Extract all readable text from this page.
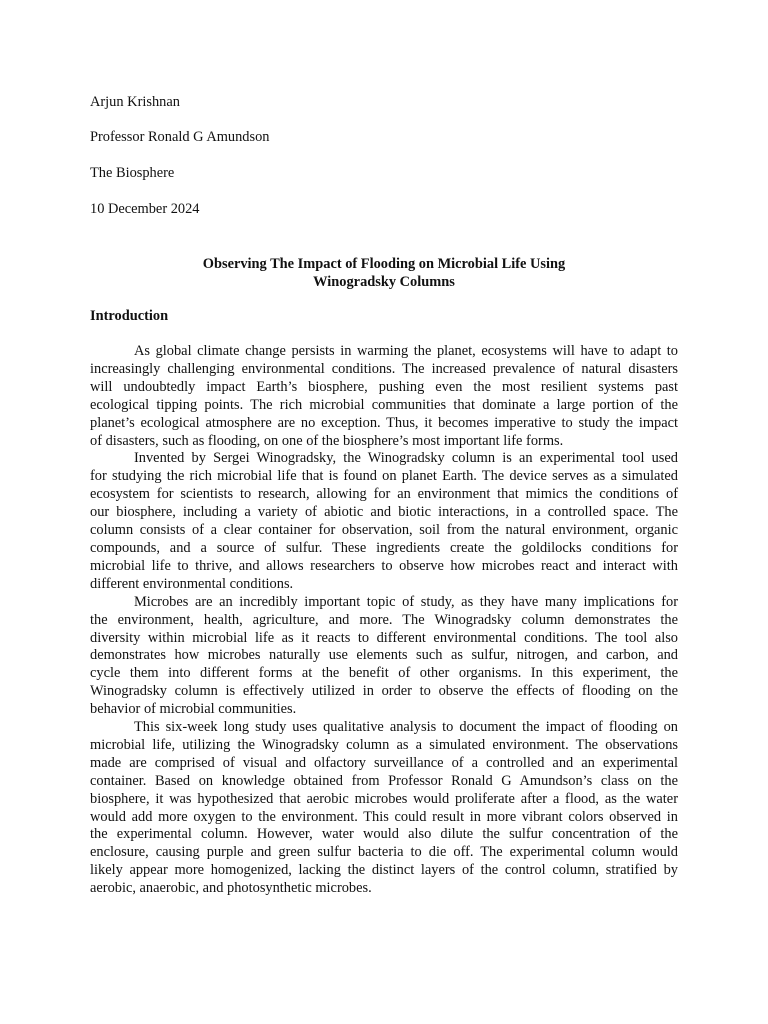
Arjun Krishnan
Professor Ronald G Amundson
The Biosphere
10 December 2024
Observing The Impact of Flooding on Microbial Life Using
Winogradsky Columns
Introduction
As global climate change persists in warming the planet, ecosystems will have to adapt to
increasingly challenging environmental conditions. The increased prevalence of natural disasters
will undoubtedly impact Earth’s biosphere, pushing even the most resilient systems past
ecological tipping points. The rich microbial communities that dominate a large portion of the
planet’s ecological atmosphere are no exception. Thus, it becomes imperative to study the impact
of disasters, such as flooding, on one of the biosphere’s most important life forms.
Invented by Sergei Winogradsky, the Winogradsky column is an experimental tool used
for studying the rich microbial life that is found on planet Earth. The device serves as a simulated
ecosystem for scientists to research, allowing for an environment that mimics the conditions of
our biosphere, including a variety of abiotic and biotic interactions, in a controlled space. The
column consists of a clear container for observation, soil from the natural environment, organic
compounds, and a source of sulfur. These ingredients create the goldilocks conditions for
microbial life to thrive, and allows researchers to observe how microbes react and interact with
different environmental conditions.
Microbes are an incredibly important topic of study, as they have many implications for
the environment, health, agriculture, and more. The Winogradsky column demonstrates the
diversity within microbial life as it reacts to different environmental conditions. The tool also
demonstrates how microbes naturally use elements such as sulfur, nitrogen, and carbon, and
cycle them into different forms at the benefit of other organisms. In this experiment, the
Winogradsky column is effectively utilized in order to observe the effects of flooding on the
behavior of microbial communities.
This six-week long study uses qualitative analysis to document the impact of flooding on
microbial life, utilizing the Winogradsky column as a simulated environment. The observations
made are comprised of visual and olfactory surveillance of a controlled and an experimental
container. Based on knowledge obtained from Professor Ronald G Amundson’s class on the
biosphere, it was hypothesized that aerobic microbes would proliferate after a flood, as the water
would add more oxygen to the environment. This could result in more vibrant colors observed in
the experimental column. However, water would also dilute the sulfur concentration of the
enclosure, causing purple and green sulfur bacteria to die off. The experimental column would
likely appear more homogenized, lacking the distinct layers of the control column, stratified by
aerobic, anaerobic, and photosynthetic microbes.
